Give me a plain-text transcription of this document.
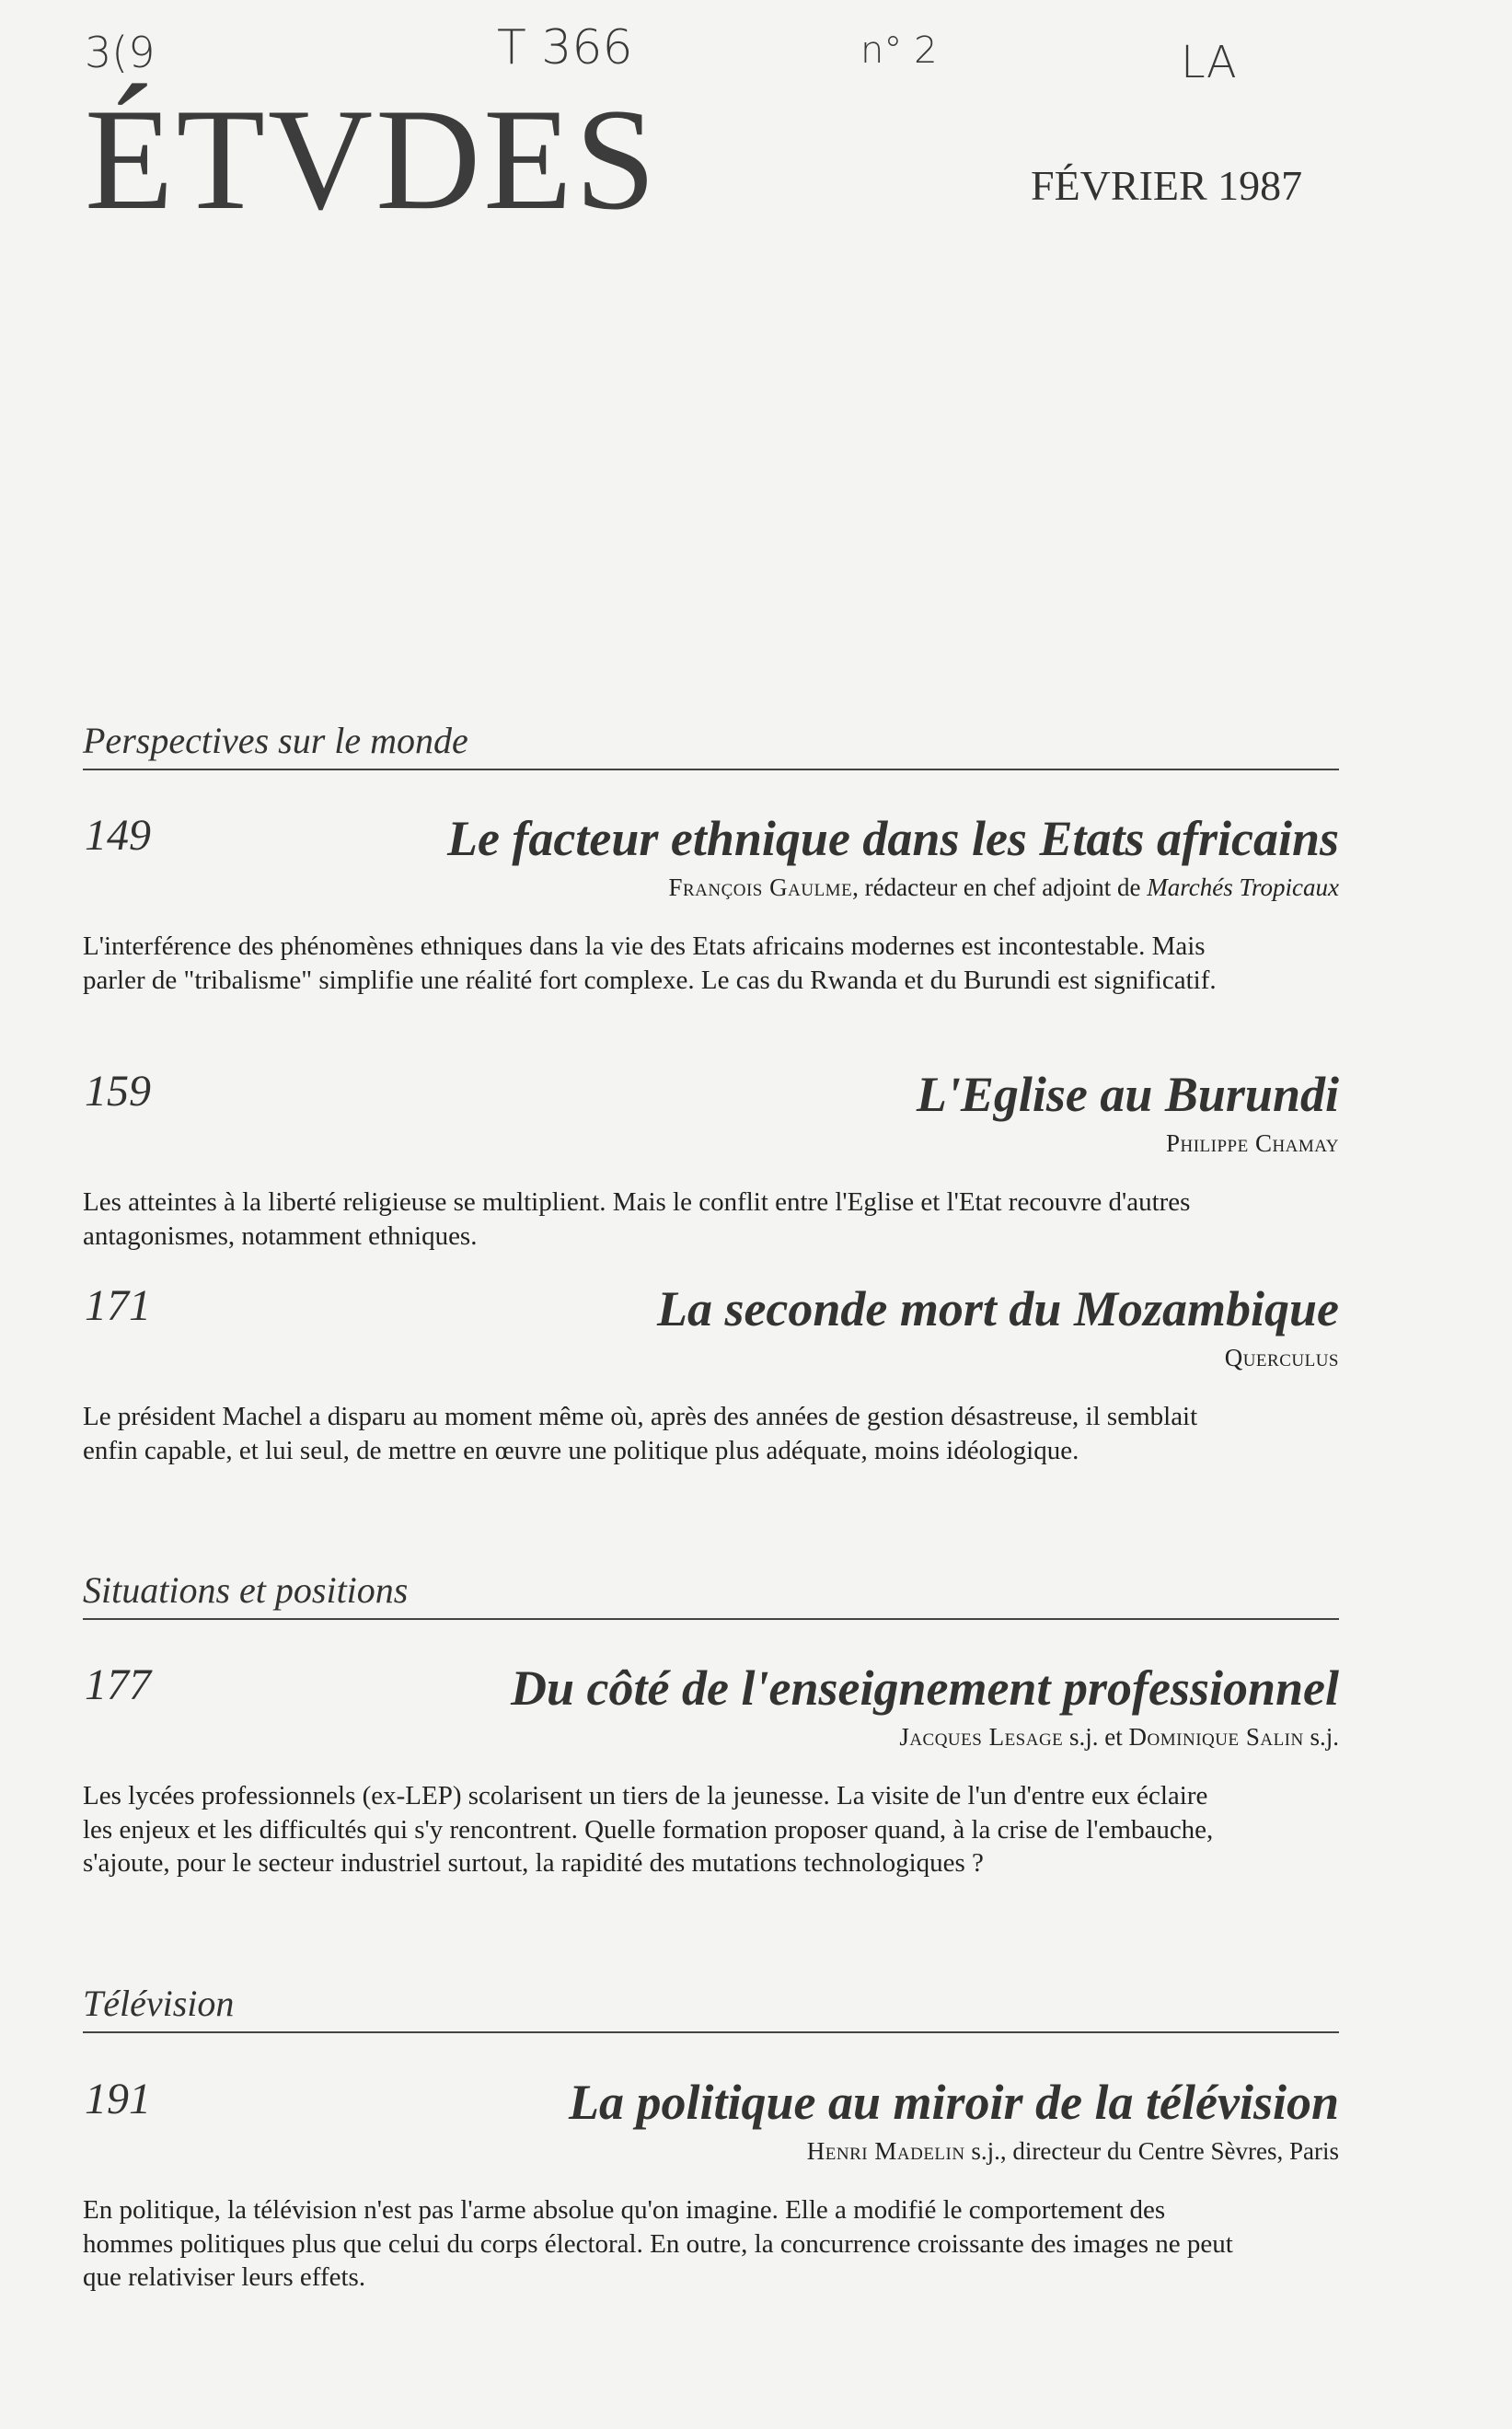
3(9	T 366	n° 2	LA
ÉTVDES	FÉVRIER 1987
Perspectives sur le monde
149	Le facteur ethnique dans les Etats africains
François Gaulme, rédacteur en chef adjoint de Marchés Tropicaux
L'interférence des phénomènes ethniques dans la vie des Etats africains modernes est incontestable. Mais parler de "tribalisme" simplifie une réalité fort complexe. Le cas du Rwanda et du Burundi est significatif.
159	L'Eglise au Burundi
Philippe Chamay
Les atteintes à la liberté religieuse se multiplient. Mais le conflit entre l'Eglise et l'Etat recouvre d'autres antagonismes, notamment ethniques.
171	La seconde mort du Mozambique
Querculus
Le président Machel a disparu au moment même où, après des années de gestion désastreuse, il semblait enfin capable, et lui seul, de mettre en œuvre une politique plus adéquate, moins idéologique.
Situations et positions
177	Du côté de l'enseignement professionnel
Jacques Lesage s.j. et Dominique Salin s.j.
Les lycées professionnels (ex-LEP) scolarisent un tiers de la jeunesse. La visite de l'un d'entre eux éclaire les enjeux et les difficultés qui s'y rencontrent. Quelle formation proposer quand, à la crise de l'embauche, s'ajoute, pour le secteur industriel surtout, la rapidité des mutations technologiques ?
Télévision
191	La politique au miroir de la télévision
Henri Madelin s.j., directeur du Centre Sèvres, Paris
En politique, la télévision n'est pas l'arme absolue qu'on imagine. Elle a modifié le comportement des hommes politiques plus que celui du corps électoral. En outre, la concurrence croissante des images ne peut que relativiser leurs effets.
